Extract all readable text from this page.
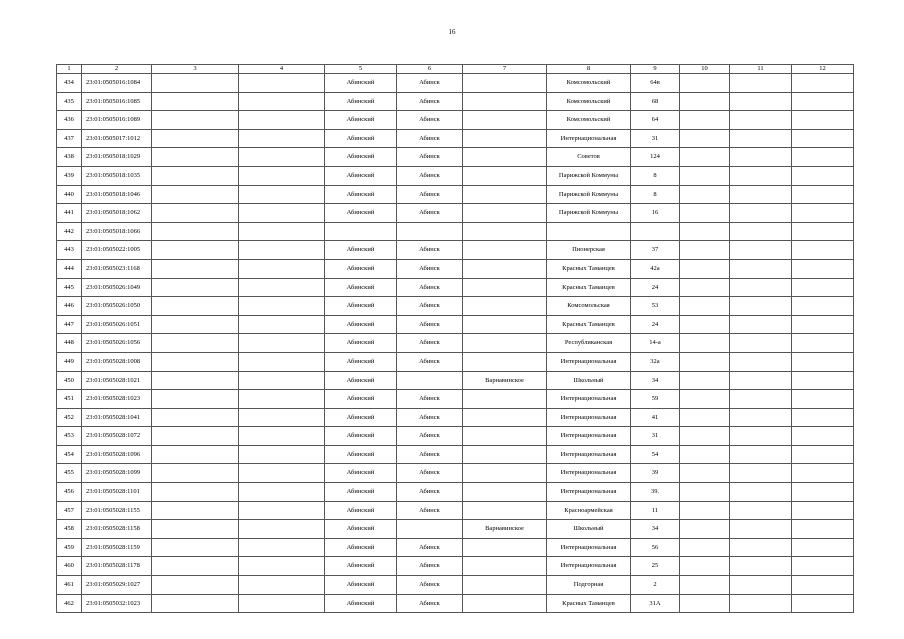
16
1	2	3	4	5	6	7	8	9	10	11	12
434	23:01:0505016:1084			Абинский	Абинск		Комсомольский	64в			
435	23:01:0505016:1085			Абинский	Абинск		Комсомольский	68			
436	23:01:0505016:1089			Абинский	Абинск		Комсомольский	64			
437	23:01:0505017:1012			Абинский	Абинск		Интернациональная	31			
438	23:01:0505018:1029			Абинский	Абинск		Советов	124			
439	23:01:0505018:1035			Абинский	Абинск		Парижской Коммуны	8			
440	23:01:0505018:1046			Абинский	Абинск		Парижской Коммуны	8			
441	23:01:0505018:1062			Абинский	Абинск		Парижской Коммуны	16			
442	23:01:0505018:1066										
443	23:01:0505022:1005			Абинский	Абинск		Пионерская	37			
444	23:01:0505023:1168			Абинский	Абинск		Красных Таманцев	42а			
445	23:01:0505026:1049			Абинский	Абинск		Красных Таманцев	24			
446	23:01:0505026:1050			Абинский	Абинск		Комсомольская	53			
447	23:01:0505026:1051			Абинский	Абинск		Красных Таманцев	24			
448	23:01:0505026:1056			Абинский	Абинск		Республиканская	14-а			
449	23:01:0505028:1008			Абинский	Абинск		Интернациональная	32а			
450	23:01:0505028:1021			Абинский		Варнавинское	Школьный	34			
451	23:01:0505028:1023			Абинский	Абинск		Интернациональная	59			
452	23:01:0505028:1041			Абинский	Абинск		Интернациональная	41			
453	23:01:0505028:1072			Абинский	Абинск		Интернациональная	31			
454	23:01:0505028:1096			Абинский	Абинск		Интернациональная	54			
455	23:01:0505028:1099			Абинский	Абинск		Интернациональная	39			
456	23:01:0505028:1101			Абинский	Абинск		Интернациональная	39.			
457	23:01:0505028:1155			Абинский	Абинск		Красноармейская	11			
458	23:01:0505028:1158			Абинский		Варнавинское	Школьный	34			
459	23:01:0505028:1159			Абинский	Абинск		Интернациональная	56			
460	23:01:0505028:1178			Абинский	Абинск		Интернациональная	25			
461	23:01:0505029:1027			Абинский	Абинск		Подгорная	2			
462	23:01:0505032:1023			Абинский	Абинск		Красных Таманцев	31А			
